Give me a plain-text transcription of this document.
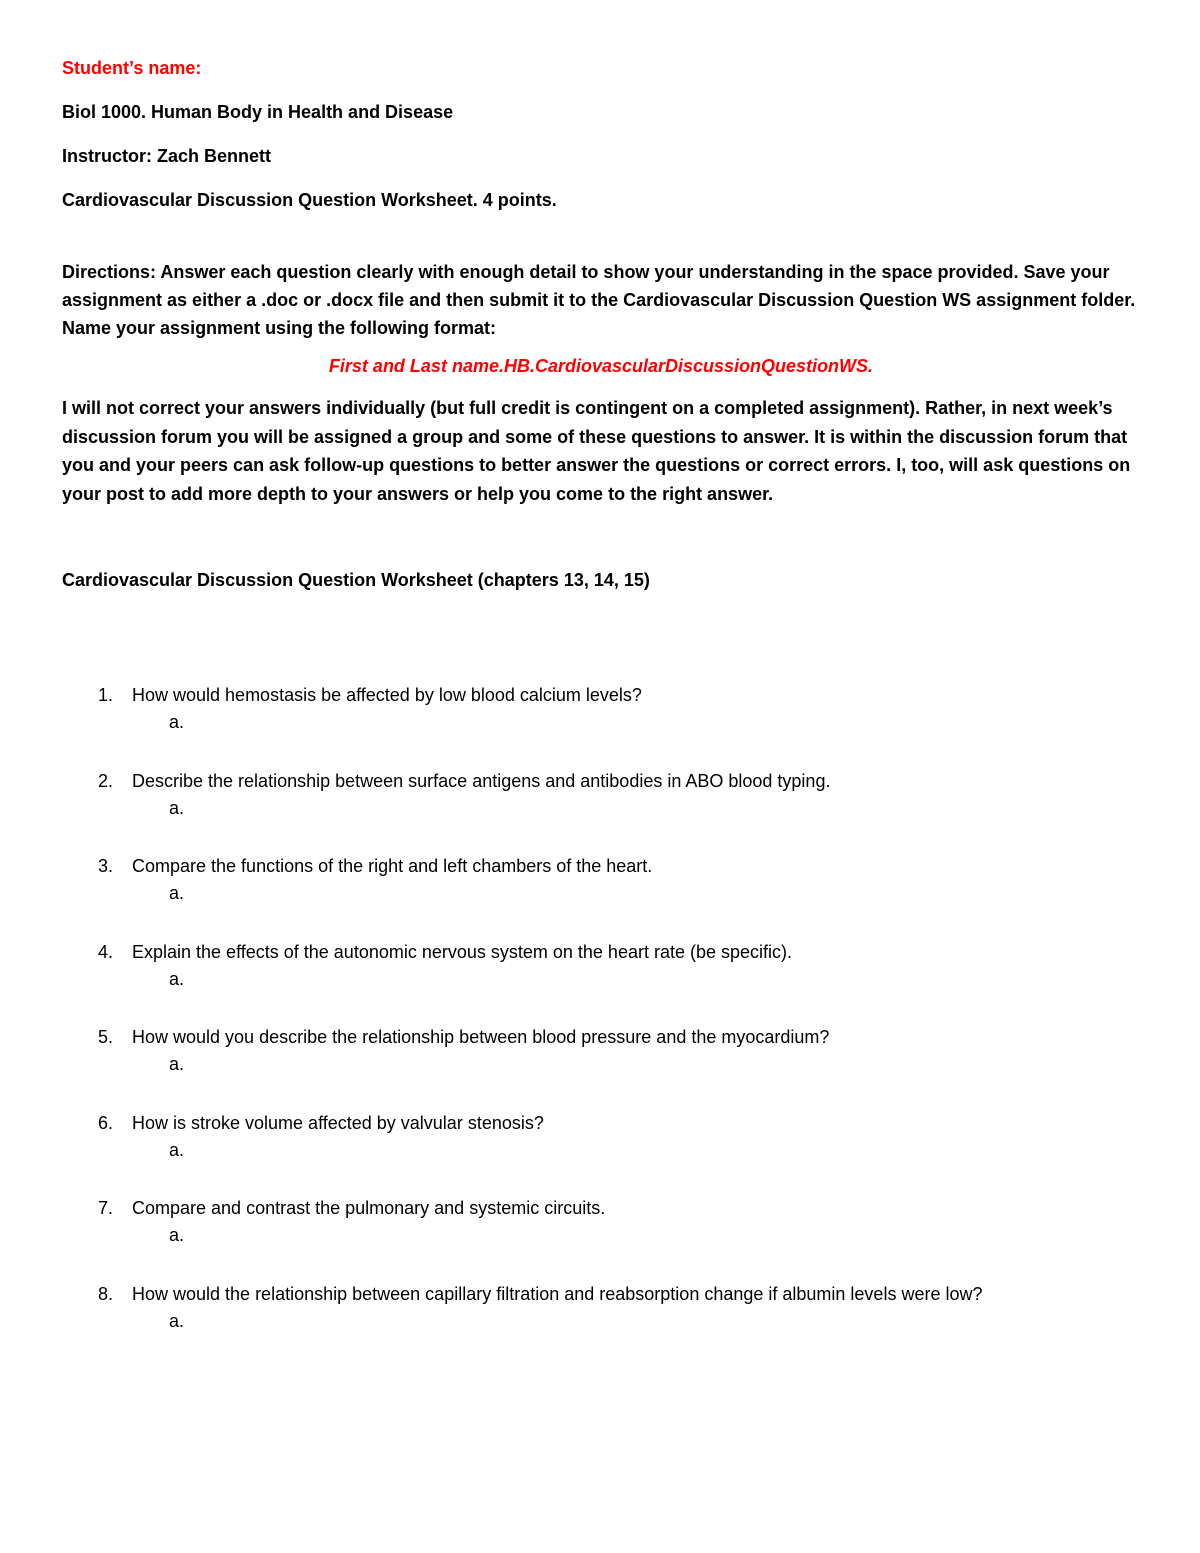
Student’s name:

Biol 1000. Human Body in Health and Disease

Instructor: Zach Bennett

Cardiovascular Discussion Question Worksheet. 4 points.

Directions: Answer each question clearly with enough detail to show your understanding in the space provided. Save your assignment as either a .doc or .docx file and then submit it to the Cardiovascular Discussion Question WS assignment folder. Name your assignment using the following format:

First and Last name.HB.CardiovascularDiscussionQuestionWS.

I will not correct your answers individually (but full credit is contingent on a completed assignment). Rather, in next week’s discussion forum you will be assigned a group and some of these questions to answer. It is within the discussion forum that you and your peers can ask follow-up questions to better answer the questions or correct errors. I, too, will ask questions on your post to add more depth to your answers or help you come to the right answer.

Cardiovascular Discussion Question Worksheet (chapters 13, 14, 15)

1. How would hemostasis be affected by low blood calcium levels?
a.
2. Describe the relationship between surface antigens and antibodies in ABO blood typing.
a.
3. Compare the functions of the right and left chambers of the heart.
a.
4. Explain the effects of the autonomic nervous system on the heart rate (be specific).
a.
5. How would you describe the relationship between blood pressure and the myocardium?
a.
6. How is stroke volume affected by valvular stenosis?
a.
7. Compare and contrast the pulmonary and systemic circuits.
a.
8. How would the relationship between capillary filtration and reabsorption change if albumin levels were low?
a.
